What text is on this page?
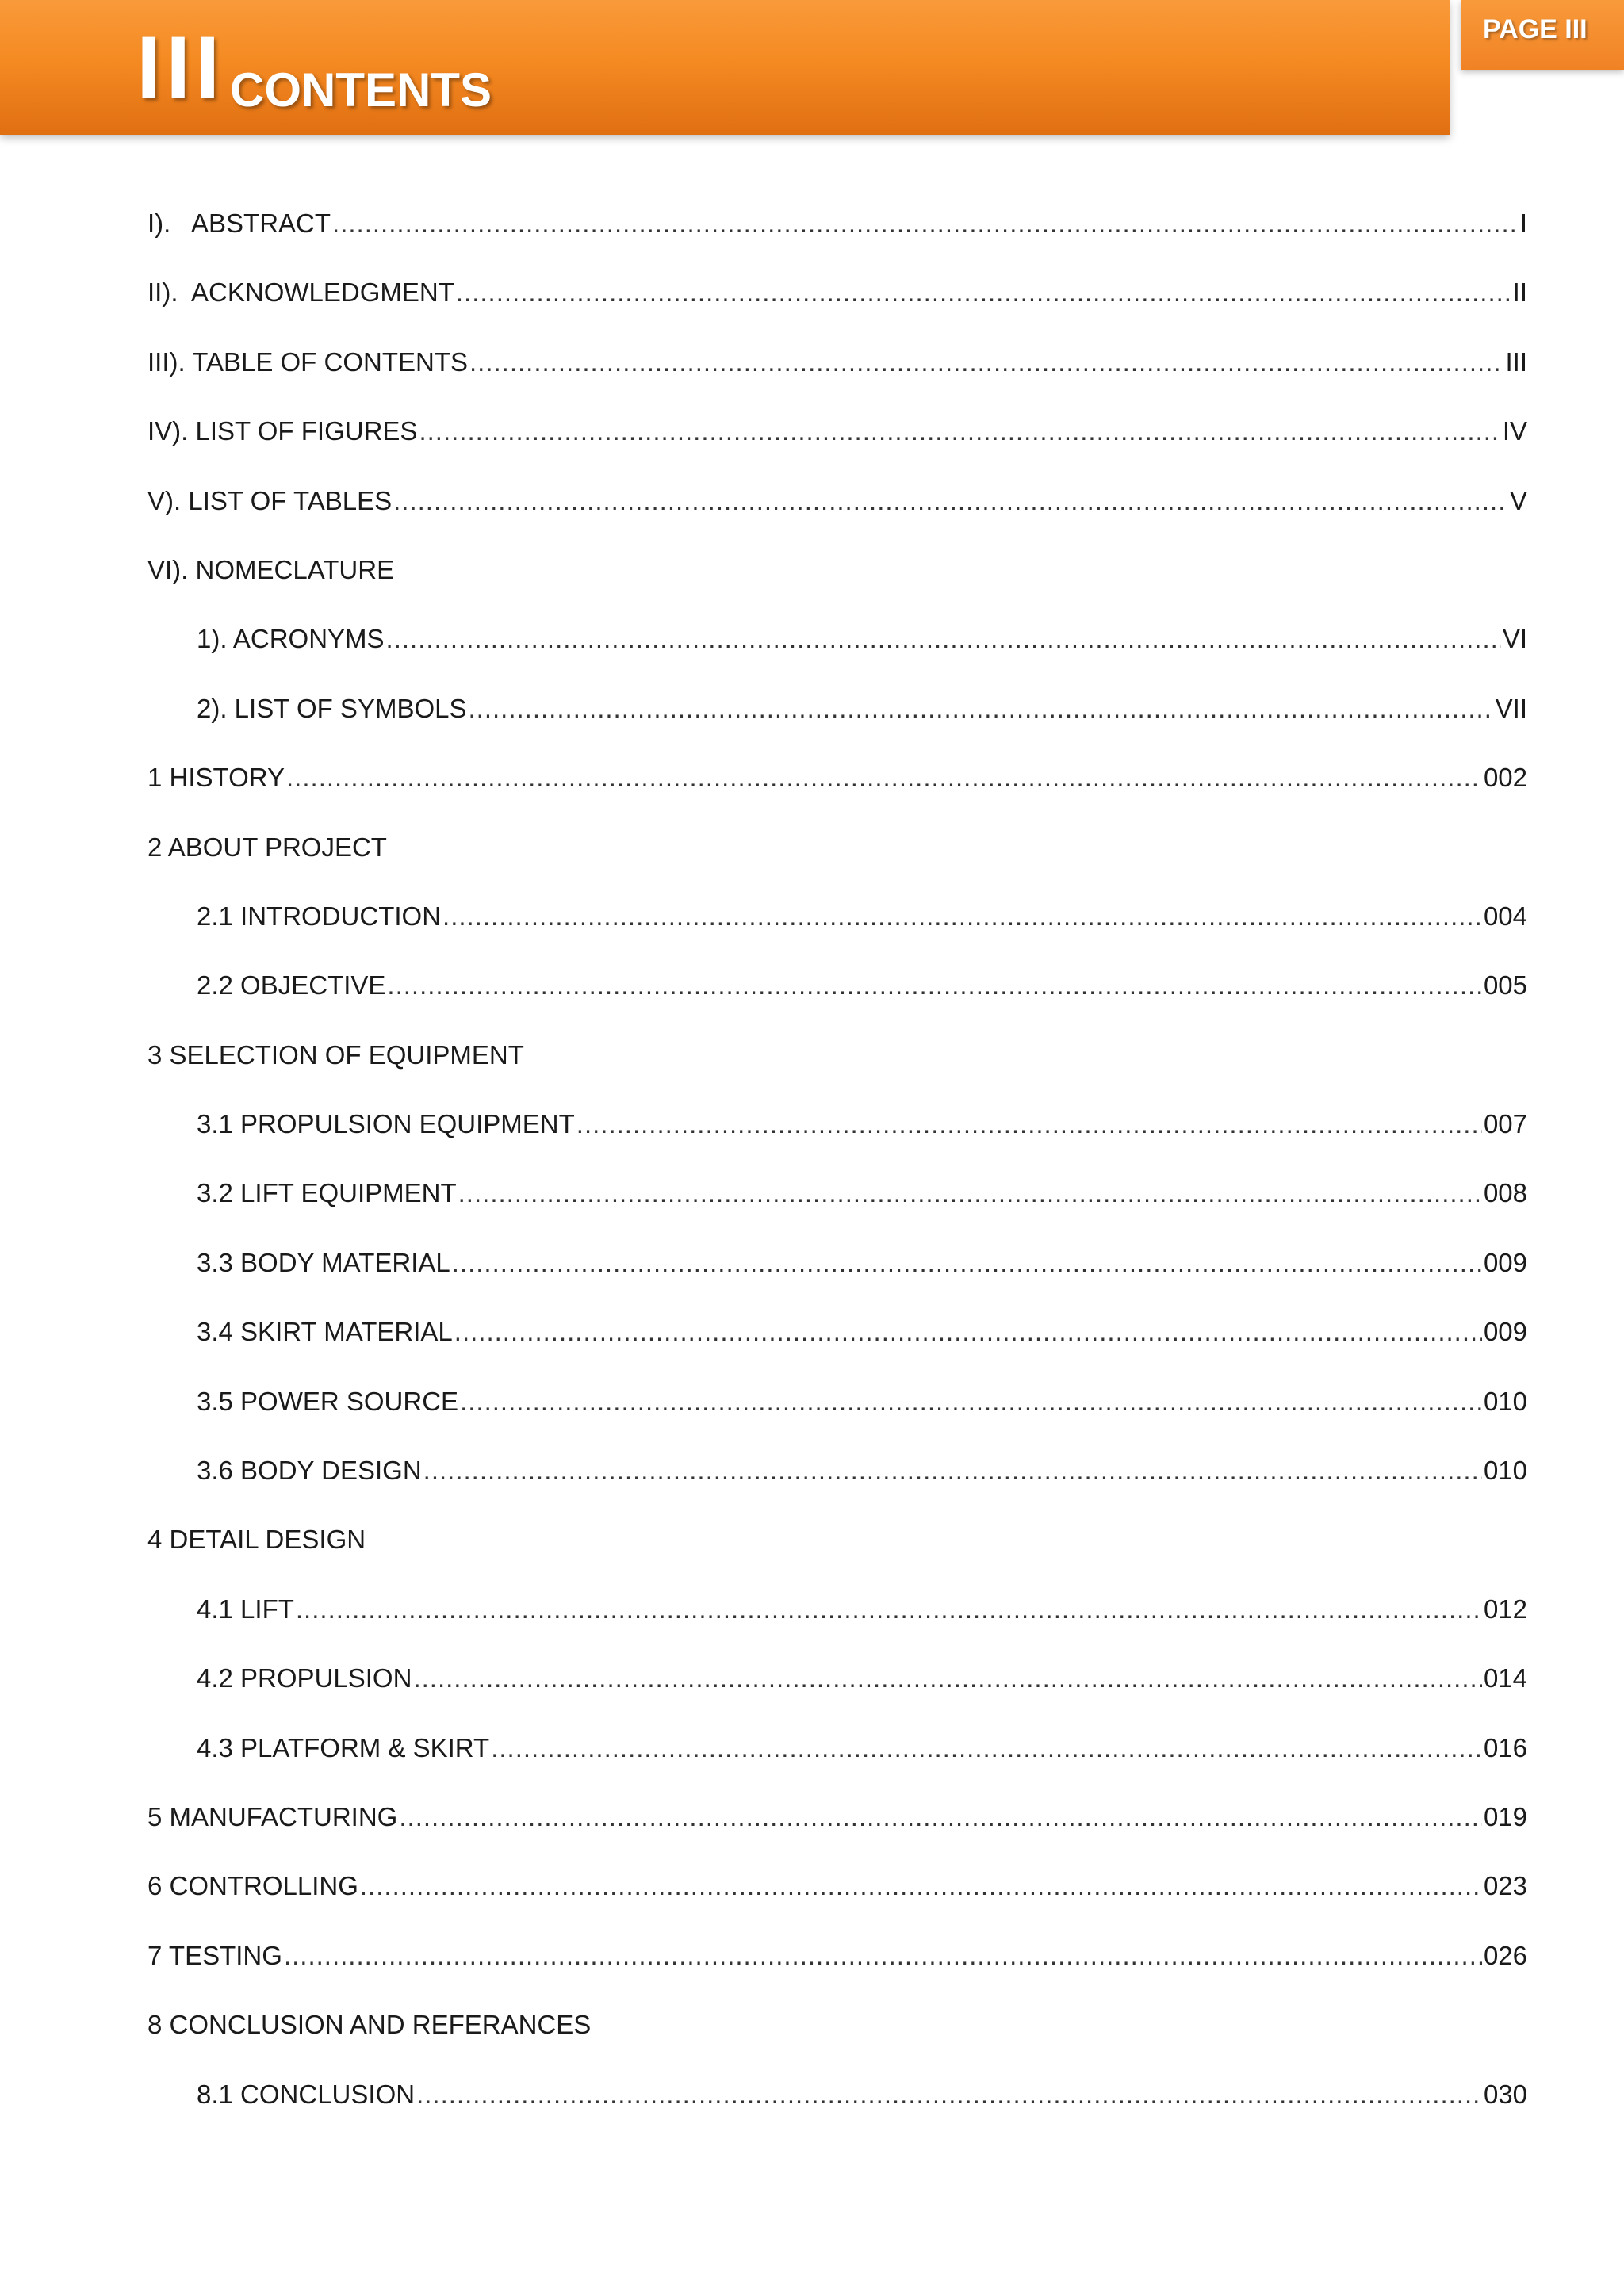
III CONTENTS
PAGE III
I).   ABSTRACT .....	I
II).  ACKNOWLEDGMENT .....	II
III). TABLE OF CONTENTS .....	III
IV). LIST OF FIGURES .....	IV
V). LIST OF TABLES .....	V
VI). NOMECLATURE
1). ACRONYMS .....	VI
2). LIST OF SYMBOLS .....	VII
1 HISTORY .....	002
2 ABOUT PROJECT
2.1 INTRODUCTION .....	004
2.2 OBJECTIVE .....	005
3 SELECTION OF EQUIPMENT
3.1 PROPULSION EQUIPMENT .....	007
3.2 LIFT EQUIPMENT .....	008
3.3 BODY MATERIAL .....	009
3.4 SKIRT MATERIAL .....	009
3.5 POWER SOURCE .....	010
3.6 BODY DESIGN .....	010
4 DETAIL DESIGN
4.1 LIFT .....	012
4.2 PROPULSION .....	014
4.3 PLATFORM & SKIRT .....	016
5 MANUFACTURING .....	019
6 CONTROLLING .....	023
7 TESTING .....	026
8 CONCLUSION AND REFERANCES
8.1 CONCLUSION .....	030
